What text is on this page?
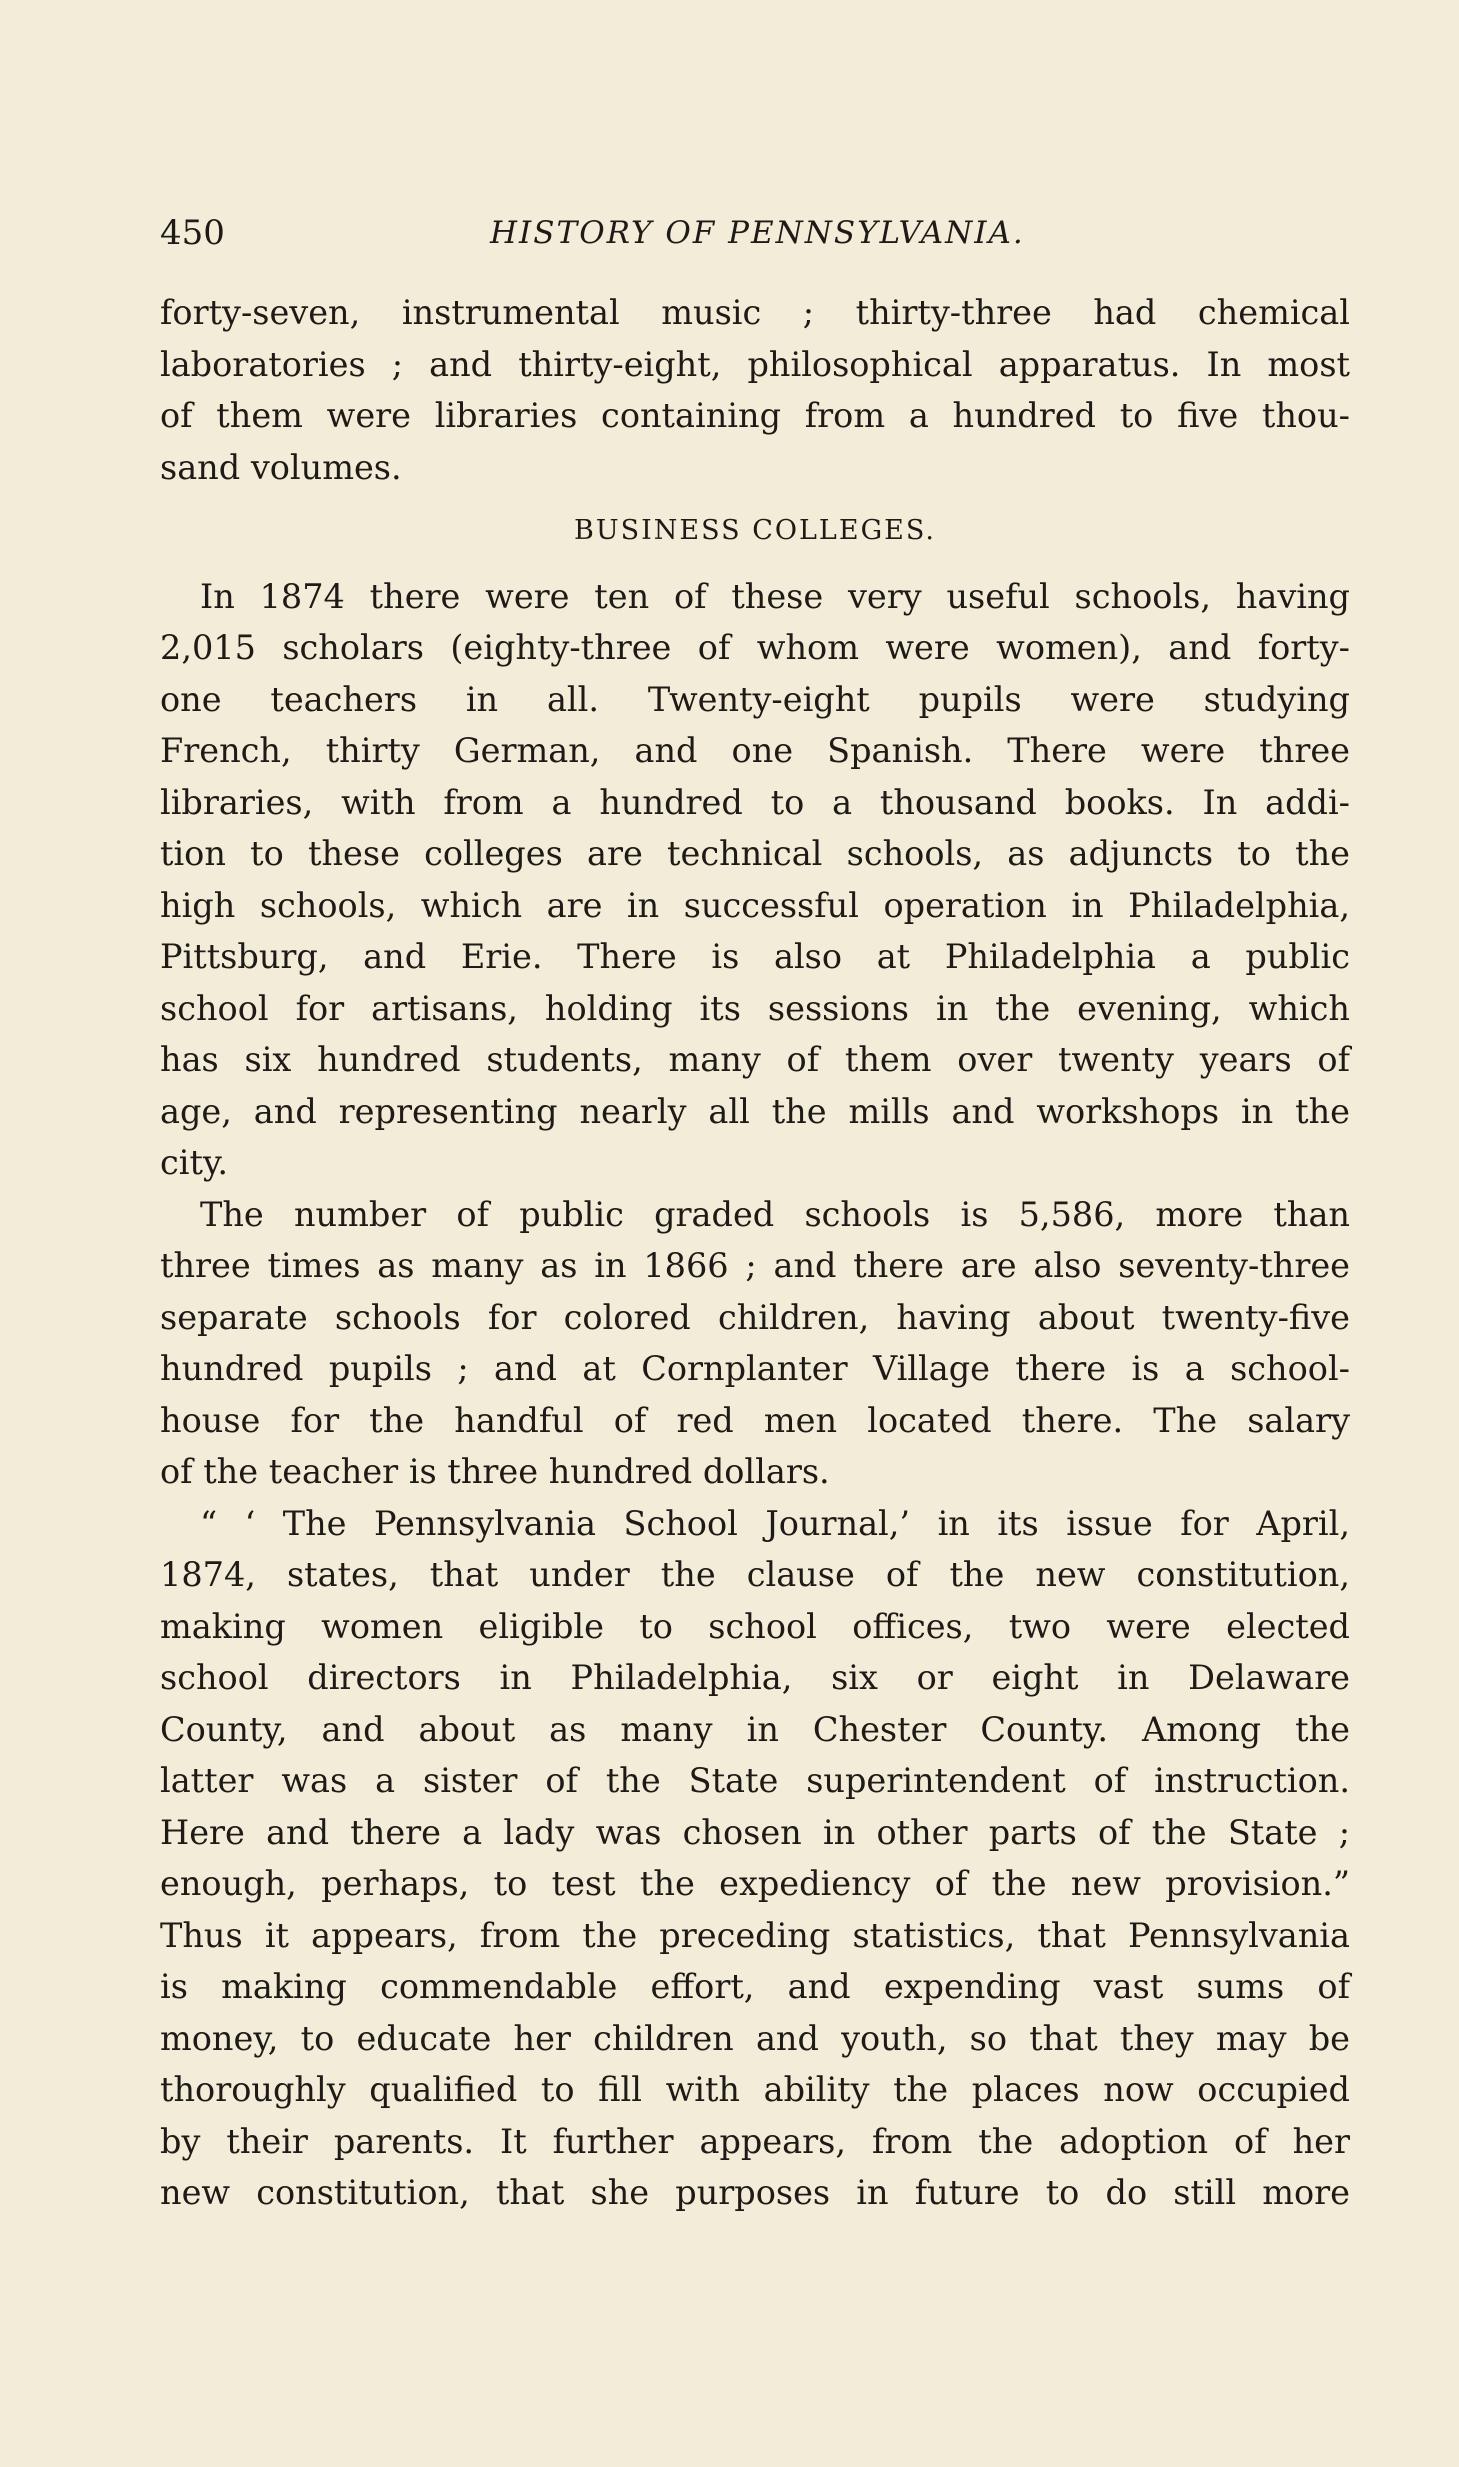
450	HISTORY OF PENNSYLVANIA.
forty-seven, instrumental music ; thirty-three had chemical
laboratories ; and thirty-eight, philosophical apparatus. In most
of them were libraries containing from a hundred to five thou-
sand volumes.
BUSINESS COLLEGES.
In 1874 there were ten of these very useful schools, having
2,015 scholars (eighty-three of whom were women), and forty-
one teachers in all. Twenty-eight pupils were studying
French, thirty German, and one Spanish. There were three
libraries, with from a hundred to a thousand books. In addi-
tion to these colleges are technical schools, as adjuncts to the
high schools, which are in successful operation in Philadelphia,
Pittsburg, and Erie. There is also at Philadelphia a public
school for artisans, holding its sessions in the evening, which
has six hundred students, many of them over twenty years of
age, and representing nearly all the mills and workshops in the
city.
The number of public graded schools is 5,586, more than
three times as many as in 1866 ; and there are also seventy-three
separate schools for colored children, having about twenty-five
hundred pupils ; and at Cornplanter Village there is a school-
house for the handful of red men located there. The salary
of the teacher is three hundred dollars.
“ ‘ The Pennsylvania School Journal,’ in its issue for April,
1874, states, that under the clause of the new constitution,
making women eligible to school offices, two were elected
school directors in Philadelphia, six or eight in Delaware
County, and about as many in Chester County. Among the
latter was a sister of the State superintendent of instruction.
Here and there a lady was chosen in other parts of the State ;
enough, perhaps, to test the expediency of the new provision.”
Thus it appears, from the preceding statistics, that Pennsylvania
is making commendable effort, and expending vast sums of
money, to educate her children and youth, so that they may be
thoroughly qualified to fill with ability the places now occupied
by their parents. It further appears, from the adoption of her
new constitution, that she purposes in future to do still more
